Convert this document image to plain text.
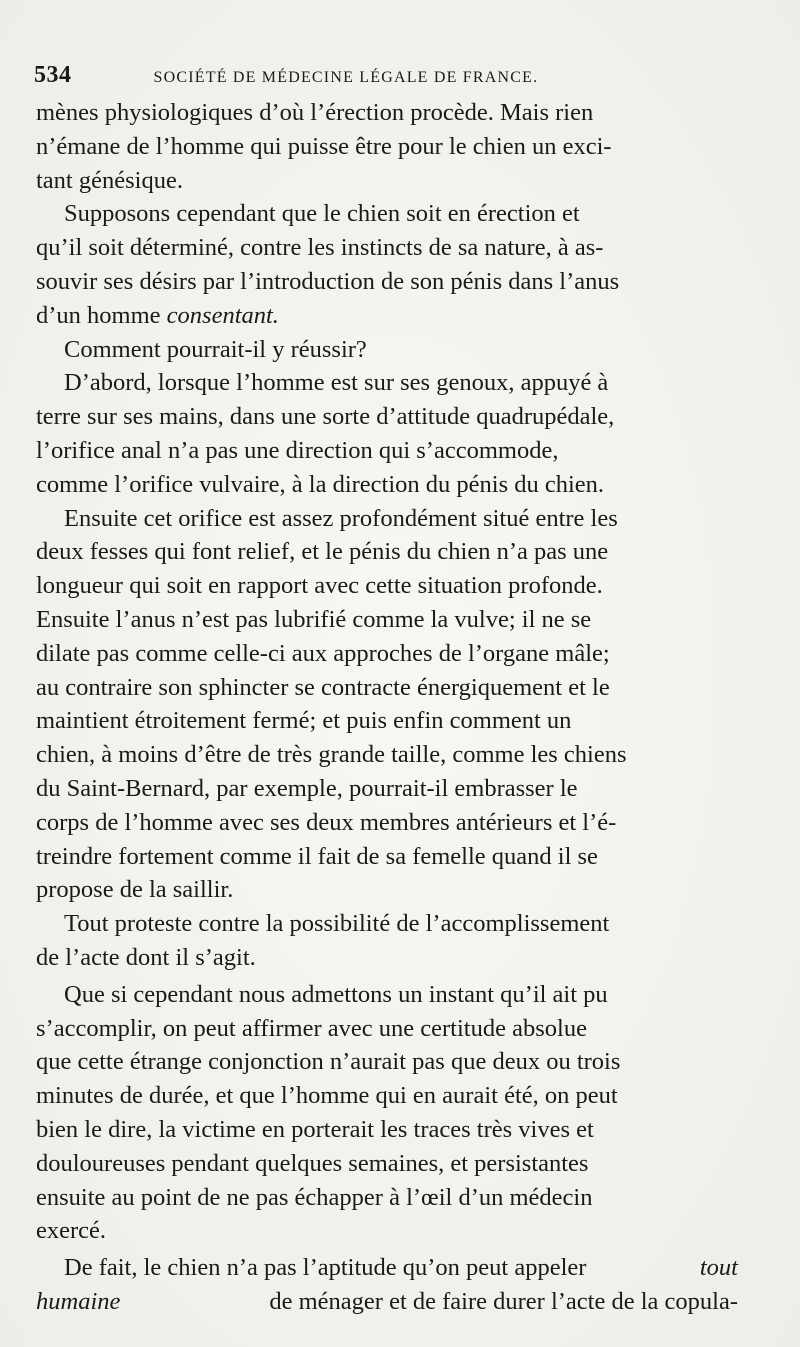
534	SOCIÉTÉ DE MÉDECINE LÉGALE DE FRANCE.
mènes physiologiques d’où l’érection procède. Mais rien
n’émane de l’homme qui puisse être pour le chien un exci-
tant génésique.
Supposons cependant que le chien soit en érection et
qu’il soit déterminé, contre les instincts de sa nature, à as-
souvir ses désirs par l’introduction de son pénis dans l’anus
d’un homme
consentant.
Comment pourrait-il y réussir?
D’abord, lorsque l’homme est sur ses genoux, appuyé à
terre sur ses mains, dans une sorte d’attitude quadrupédale,
l’orifice anal n’a pas une direction qui s’accommode,
comme l’orifice vulvaire, à la direction du pénis du chien.
Ensuite cet orifice est assez profondément situé entre les
deux fesses qui font relief, et le pénis du chien n’a pas une
longueur qui soit en rapport avec cette situation profonde.
Ensuite l’anus n’est pas lubrifié comme la vulve; il ne se
dilate pas comme celle-ci aux approches de l’organe mâle;
au contraire son sphincter se contracte énergiquement et le
maintient étroitement fermé; et puis enfin comment un
chien, à moins d’être de très grande taille, comme les chiens
du Saint-Bernard, par exemple, pourrait-il embrasser le
corps de l’homme avec ses deux membres antérieurs et l’é-
treindre fortement comme il fait de sa femelle quand il se
propose de la saillir.
Tout proteste contre la possibilité de l’accomplissement
de l’acte dont il s’agit.
Que si cependant nous admettons un instant qu’il ait pu
s’accomplir, on peut affirmer avec une certitude absolue
que cette étrange conjonction n’aurait pas que deux ou trois
minutes de durée, et que l’homme qui en aurait été, on peut
bien le dire, la victime en porterait les traces très vives et
douloureuses pendant quelques semaines, et persistantes
ensuite au point de ne pas échapper à l’œil d’un médecin
exercé.
De fait, le chien n’a pas l’aptitude qu’on peut appeler
	tout
humaine
	de ménager et de faire durer l’acte de la copula-
